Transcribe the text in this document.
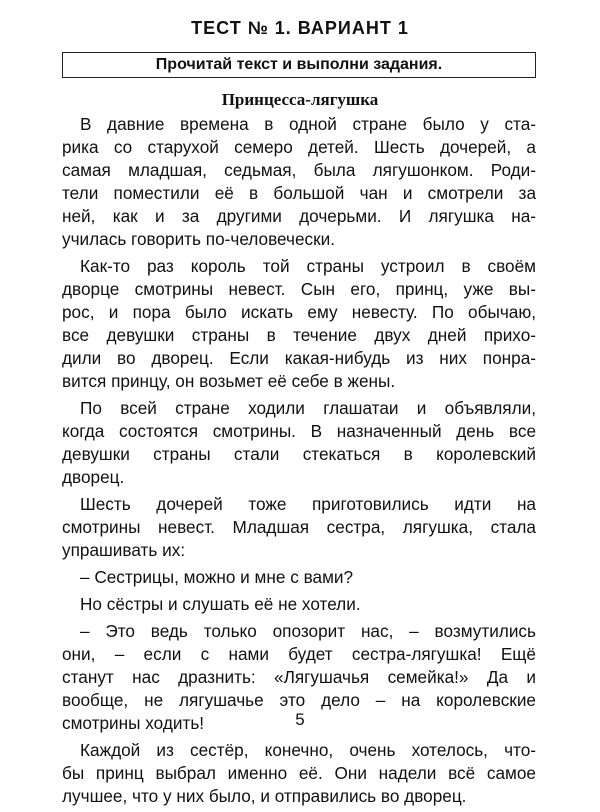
ТЕСТ № 1. ВАРИАНТ 1
Прочитай текст и выполни задания.
Принцесса-лягушка
В давние времена в одной стране было у ста-
рика со старухой семеро детей. Шесть дочерей, а
самая младшая, седьмая, была лягушонком. Роди-
тели поместили её в большой чан и смотрели за
ней, как и за другими дочерьми. И лягушка на-
училась говорить по-человечески.
Как-то раз король той страны устроил в своём
дворце смотрины невест. Сын его, принц, уже вы-
рос, и пора было искать ему невесту. По обычаю,
все девушки страны в течение двух дней прихо-
дили во дворец. Если какая-нибудь из них понра-
вится принцу, он возьмет её себе в жены.
По всей стране ходили глашатаи и объявляли,
когда состоятся смотрины. В назначенный день все
девушки страны стали стекаться в королевский
дворец.
Шесть дочерей тоже приготовились идти на
смотрины невест. Младшая сестра, лягушка, стала
упрашивать их:
– Сестрицы, можно и мне с вами?
Но сёстры и слушать её не хотели.
– Это ведь только опозорит нас, – возмутились
они, – если с нами будет сестра-лягушка! Ещё
станут нас дразнить: «Лягушачья семейка!» Да и
вообще, не лягушачье это дело – на королевские
смотрины ходить!
Каждой из сестёр, конечно, очень хотелось, что-
бы принц выбрал именно её. Они надели всё самое
лучшее, что у них было, и отправились во дворец.
5
